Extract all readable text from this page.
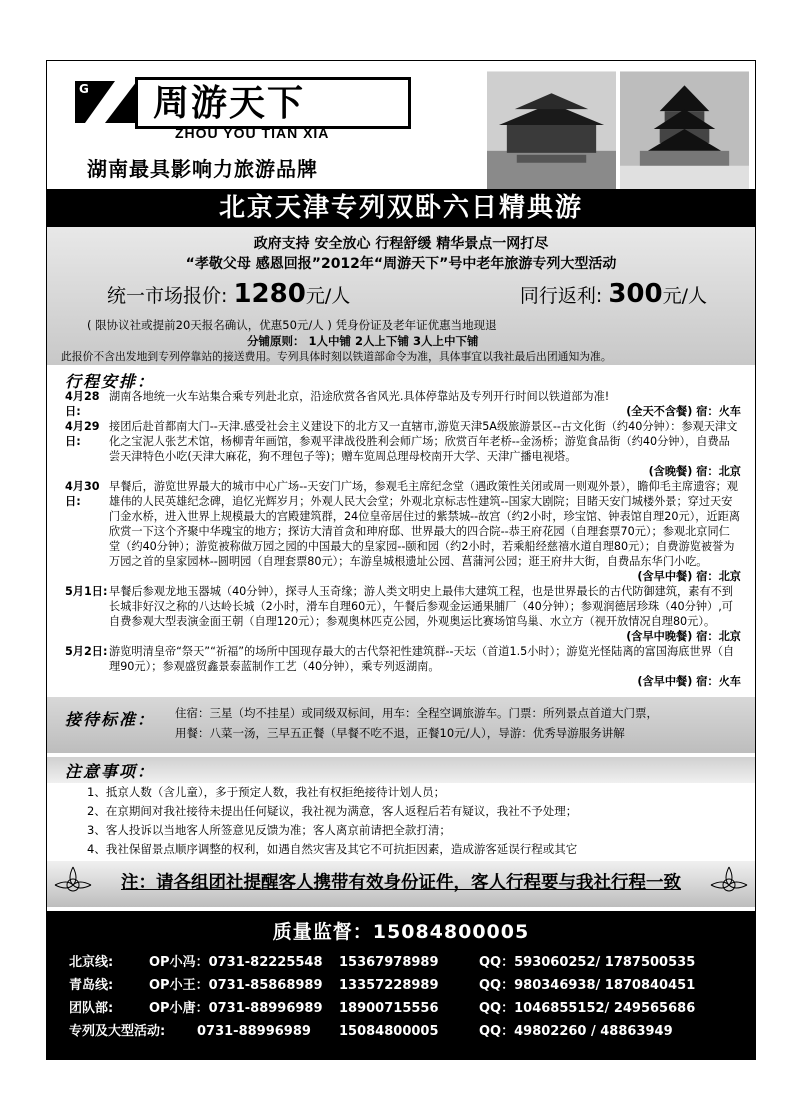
G 周游天下
ZHOU YOU TIAN XIA
湖南最具影响力旅游品牌
北京天津专列双卧六日精典游
政府支持 安全放心 行程舒缓 精华景点一网打尽
“孝敬父母 感恩回报”2012年“周游天下”号中老年旅游专列大型活动
统一市场报价: 1280元/人	同行返利: 300元/人
( 限协议社或提前20天报名确认，优惠50元/人 ) 凭身份证及老年证优惠当地现退
分铺原则： 1人中铺 2人上下铺 3人上中下铺
此报价不含出发地到专列停靠站的接送费用。专列具体时刻以铁道部命令为准，具体事宜以我社最后出团通知为准。
行程安排：
4月28日:
湖南各地统一火车站集合乘专列赴北京，沿途欣赏各省风光.具体停靠站及专列开行时间以铁道部为准!
(全天不含餐) 宿：火车
4月29日:
接团后赴首都南大门--天津.感受社会主义建设下的北方又一直辖市,游览天津5A级旅游景区--古文化街（约40分钟）：参观天津文化之宝泥人张艺术馆，杨柳青年画馆，参观平津战役胜利会师广场；欣赏百年老桥--金汤桥；游览食品街（约40分钟），自费品尝天津特色小吃(天津大麻花，狗不理包子等)；赠车览周总理母校南开大学、天津广播电视塔。
(含晚餐) 宿：北京
4月30日:
早餐后，游览世界最大的城市中心广场--天安门广场，参观毛主席纪念堂（遇政策性关闭或周一则观外景），瞻仰毛主席遗容；观雄伟的人民英雄纪念碑，追忆光辉岁月；外观人民大会堂；外观北京标志性建筑--国家大剧院；目睹天安门城楼外景；穿过天安门金水桥，进入世界上规模最大的宫殿建筑群，24位皇帝居住过的紫禁城--故宫（约2小时，珍宝馆、钟表馆自理20元），近距离欣赏一下这个齐聚中华瑰宝的地方；探访大清首贪和珅府邸、世界最大的四合院--恭王府花园（自理套票70元）；参观北京同仁堂（约40分钟）；游览被称做万园之园的中国最大的皇家园--颐和园（约2小时，若乘船经慈禧水道自理80元）；自费游览被誉为万园之首的皇家园林--圆明园（自理套票80元）；车游皇城根遗址公园、菖蒲河公园；逛王府井大街，自费品东华门小吃。
(含早中餐) 宿：北京
5月1日: 早餐后参观龙地玉器城（40分钟），探寻人玉奇缘；游人类文明史上最伟大建筑工程，也是世界最长的古代防御建筑，素有不到长城非好汉之称的八达岭长城（2小时，滑车自理60元），午餐后参观金运通果脯厂（40分钟）；参观润德居珍珠（40分钟）,可自费参观大型表演金面王朝（自理120元）；参观奥林匹克公园，外观奥运比赛场馆鸟巢、水立方（视开放情况自理80元）。
(含早中晚餐) 宿：北京
5月2日: 游览明清皇帝“祭天”“祈福”的场所中国现存最大的古代祭祀性建筑群--天坛（首道1.5小时）；游览光怪陆离的富国海底世界（自理90元）；参观盛贸鑫景泰蓝制作工艺（40分钟），乘专列返湖南。
(含早中餐) 宿：火车
接待标准： 住宿：三星（均不挂星）或同级双标间，用车：全程空调旅游车。门票：所列景点首道大门票，
用餐：八菜一汤，三早五正餐（早餐不吃不退，正餐10元/人），导游：优秀导游服务讲解
注意事项：
1、抵京人数（含儿童），多于预定人数，我社有权拒绝接待计划人员；
2、在京期间对我社接待未提出任何疑议，我社视为满意，客人返程后若有疑议，我社不予处理；
3、客人投诉以当地客人所签意见反馈为准；客人离京前请把全款打清；
4、我社保留景点顺序调整的权利，如遇自然灾害及其它不可抗拒因素，造成游客延误行程或其它
注：请各组团社提醒客人携带有效身份证件，客人行程要与我社行程一致
质量监督：15084800005
北京线:	OP小冯：0731-82225548	15367978989	QQ：593060252/ 1787500535
青岛线:	OP小王：0731-85868989	13357228989	QQ：980346938/ 1870840451
团队部:	OP小唐：0731-88996989	18900715556	QQ：1046855152/ 249565686
专列及大型活动:	0731-88996989	15084800005	QQ：49802260 / 48863949
